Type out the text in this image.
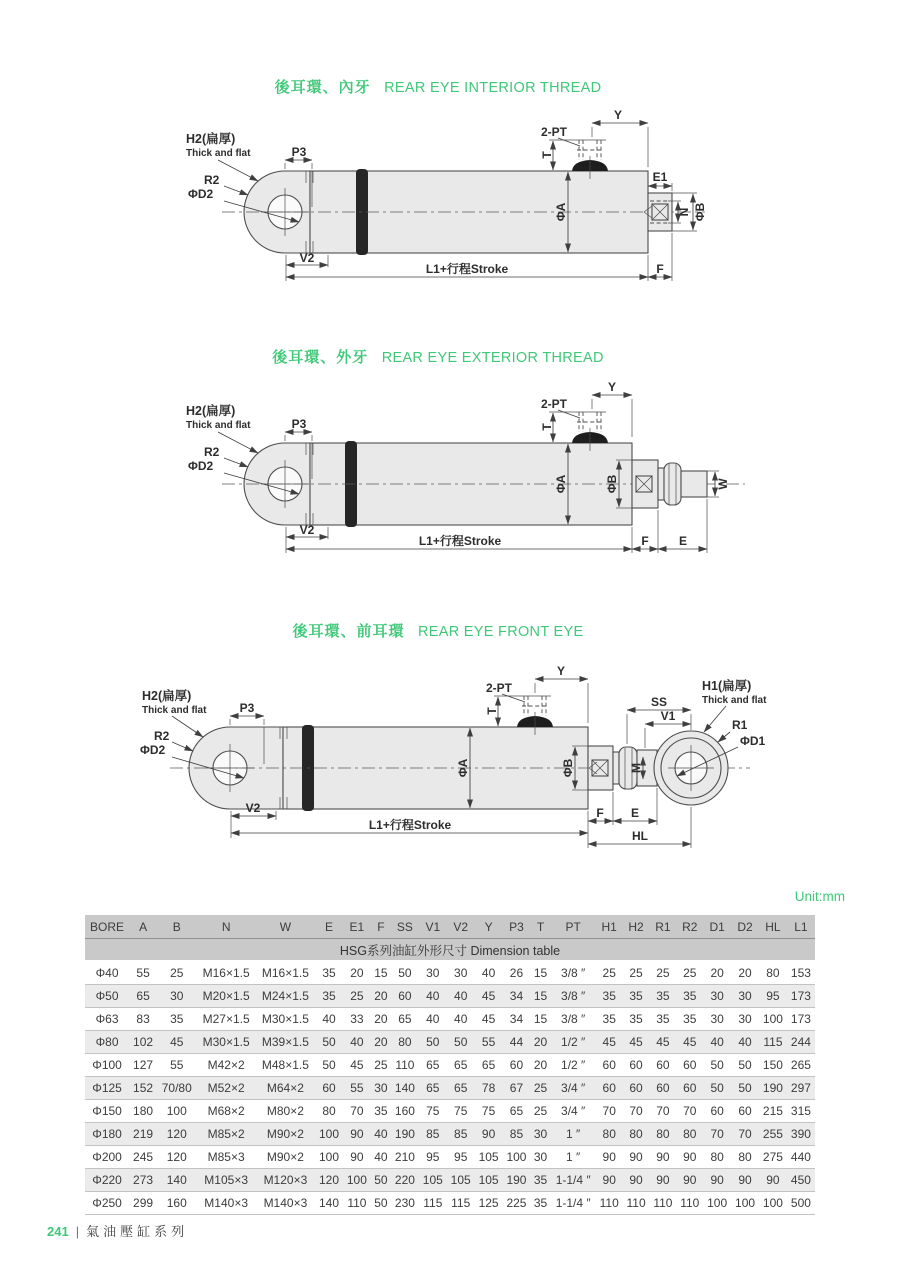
後耳環、內牙 REAR EYE INTERIOR THREAD
2-PT
T
Y
E1
N ΦB
ΦA
V2
L1+行程Stroke	F
P3
H2(扁厚)
Thick and flat
R2
ΦD2
後耳環、外牙 REAR EYE EXTERIOR THREAD
2-PT
T
Y
ΦB	W
ΦA
V2
L1+行程Stroke	F	E
P3
H2(扁厚)
Thick and flat
R2
ΦD2
後耳環、前耳環 REAR EYE FRONT EYE
2-PT
T
Y
ΦA	M
ΦB
SS
V1
H1(扁厚)
Thick and flat
R1
ΦD1
V2	F E
L1+行程Stroke
HL
P3
H2(扁厚)
Thick and flat
R2
ΦD2
Unit:mm
HSG系列油缸外形尺寸 Dimension table																						
BORE	A	B	N	W	E	E1	F	SS	V1	V2	Y	P3	T	PT	H1	H2	R1	R2	D1	D2	HL	L1
Φ40	55	25	M16×1.5	M16×1.5	35	20	15	50	30	30	40	26	15	3/8 ″	25	25	25	25	20	20	80	153
Φ50	65	30	M20×1.5	M24×1.5	35	25	20	60	40	40	45	34	15	3/8 ″	35	35	35	35	30	30	95	173
Φ63	83	35	M27×1.5	M30×1.5	40	33	20	65	40	40	45	34	15	3/8 ″	35	35	35	35	30	30	100	173
Φ80	102	45	M30×1.5	M39×1.5	50	40	20	80	50	50	55	44	20	1/2 ″	45	45	45	45	40	40	115	244
Φ100	127	55	M42×2	M48×1.5	50	45	25	110	65	65	65	60	20	1/2 ″	60	60	60	60	50	50	150	265
Φ125	152	70/80	M52×2	M64×2	60	55	30	140	65	65	78	67	25	3/4 ″	60	60	60	60	50	50	190	297
Φ150	180	100	M68×2	M80×2	80	70	35	160	75	75	75	65	25	3/4 ″	70	70	70	70	60	60	215	315
Φ180	219	120	M85×2	M90×2	100	90	40	190	85	85	90	85	30	1 ″	80	80	80	80	70	70	255	390
Φ200	245	120	M85×3	M90×2	100	90	40	210	95	95	105	100	30	1 ″	90	90	90	90	80	80	275	440
Φ220	273	140	M105×3	M120×3	120	100	50	220	105	105	105	190	35	1-1/4 ″	90	90	90	90	90	90	90	450
Φ250	299	160	M140×3	M140×3	140	110	50	230	115	115	125	225	35	1-1/4 ″	110	110	110	110	100	100	100	500
241 | 氣油壓缸系列
